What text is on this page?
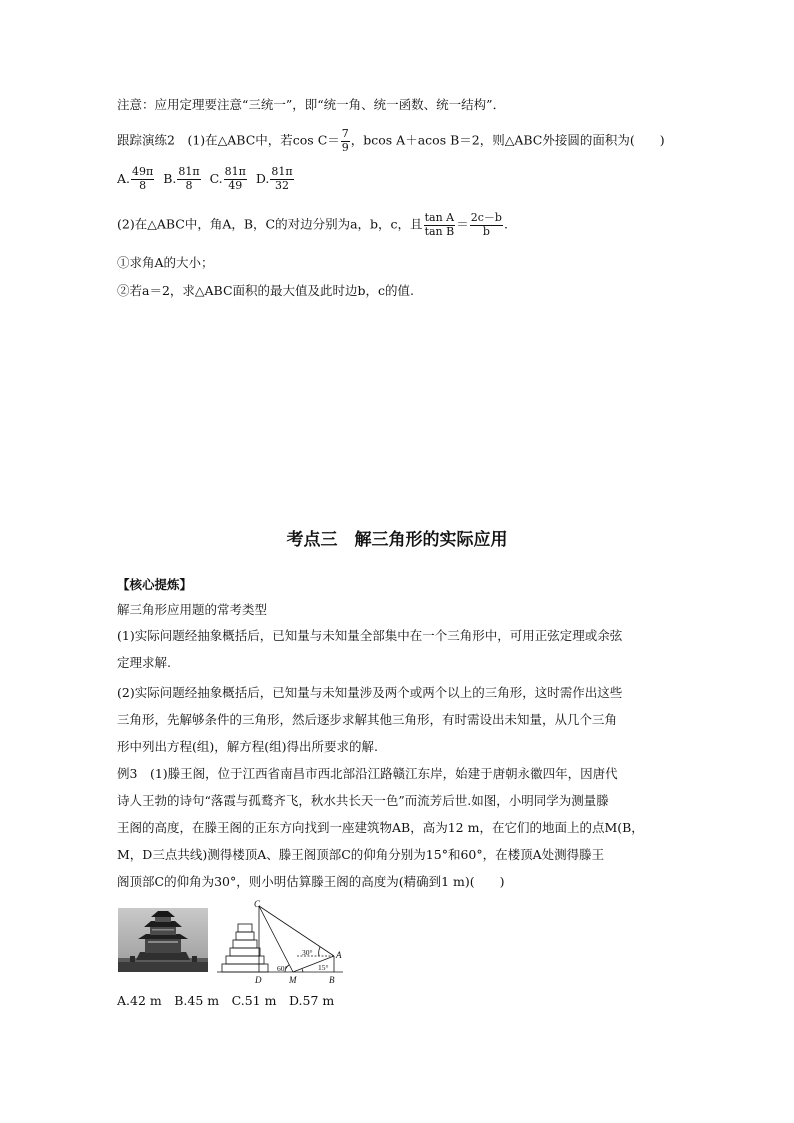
注意：应用定理要注意“三统一”，即“统一角、统一函数、统一结构”．
跟踪演练2　(1)在△ABC中，若$\cos C= \frac{7}{9}$ ，bcos A＋acos B＝2，则△ABC外接圆的面积为(　　)
A. $\frac{49\pi}{8} B$. $\frac{81\pi}{8} C$. $\frac{81\pi}{49} D$. $\frac{81\pi}{32}$
(2)在△ABC中，角A，B，C的对边分别为a，b，c，且 $\frac{\text{tan A}}{\text{tan B}} = \frac{2c-b}{b}$ .
①求角A的大小；
②若a＝2，求△ABC面积的最大值及此时边b，c的值.
考点三　解三角形的实际应用
【核心提炼】
解三角形应用题的常考类型
(1)实际问题经抽象概括后，已知量与未知量全部集中在一个三角形中，可用正弦定理或余弦
定理求解.
(2)实际问题经抽象概括后，已知量与未知量涉及两个或两个以上的三角形，这时需作出这些
三角形，先解够条件的三角形，然后逐步求解其他三角形，有时需设出未知量，从几个三角
形中列出方程(组)，解方程(组)得出所要求的解.
例3　(1)滕王阁，位于江西省南昌市西北部沿江路赣江东岸，始建于唐朝永徽四年，因唐代
诗人王勃的诗句“落霞与孤鹜齐飞，秋水共长天一色”而流芳后世.如图，小明同学为测量滕
王阁的高度，在滕王阁的正东方向找到一座建筑物AB，高为12 m，在它们的地面上的点M(B，
M，D三点共线)测得楼顶A、滕王阁顶部C的仰角分别为15°和60°，在楼顶A处测得滕王
阁顶部C的仰角为30°，则小明估算滕王阁的高度为(精确到1 m)(　　)
C
A
B
D	M
30°
60°	15°
A.42 m　B.45 m　C.51 m　D.57 m
